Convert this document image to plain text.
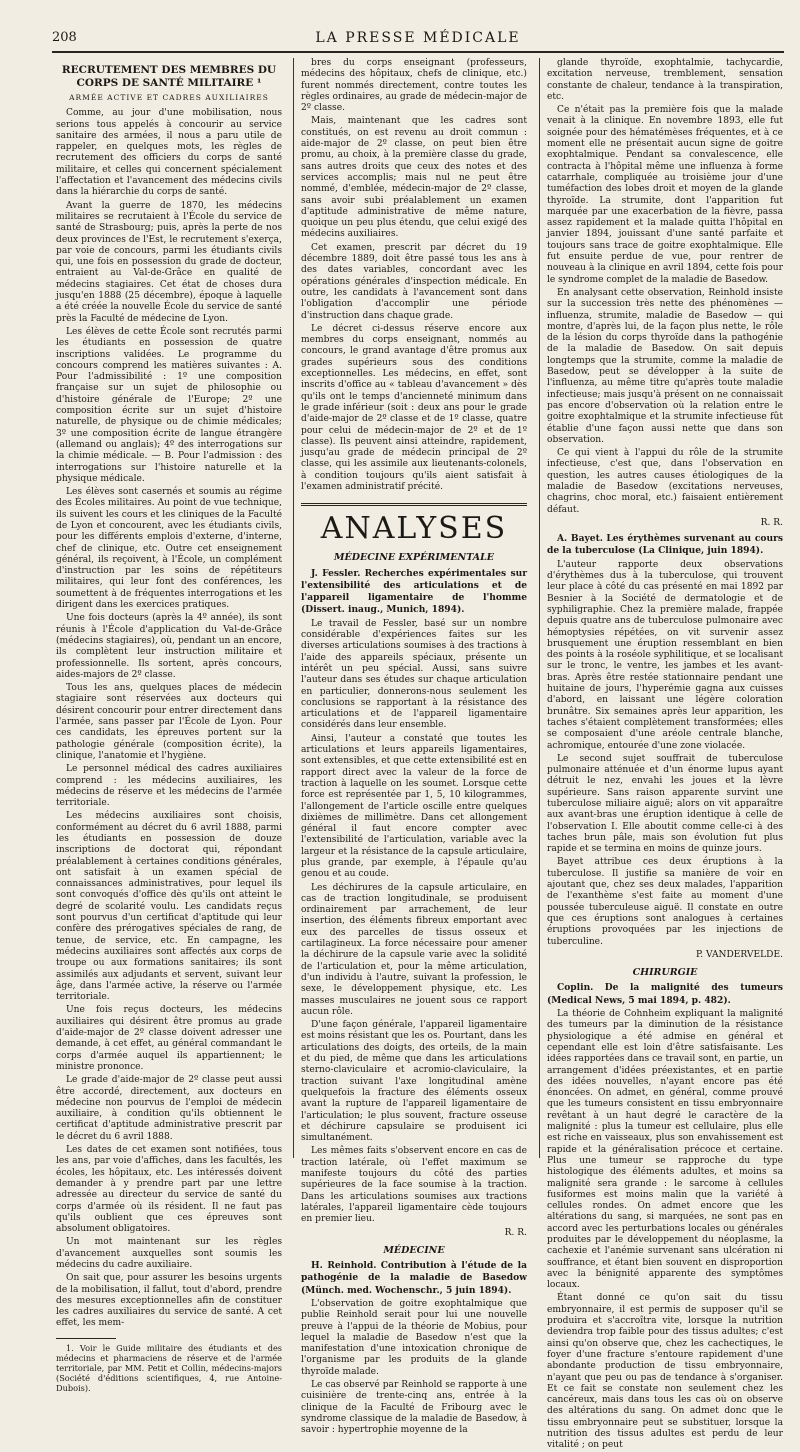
208	LA PRESSE MÉDICALE
RECRUTEMENT DES MEMBRES DU CORPS DE SANTÉ MILITAIRE ¹
ARMÉE ACTIVE ET CADRES AUXILIAIRES

Comme, au jour d'une mobilisation, nous serions tous appelés à concourir au service sanitaire des armées, il nous a paru utile de rappeler, en quelques mots, les règles de recrutement des officiers du corps de santé militaire, et celles qui concernent spécialement l'affectation et l'avancement des médecins civils dans la hiérarchie du corps de santé.

Avant la guerre de 1870, les médecins militaires se recrutaient à l'École du service de santé de Strasbourg; puis, après la perte de nos deux provinces de l'Est, le recrutement s'exerça, par voie de concours, parmi les étudiants civils qui, une fois en possession du grade de docteur, entraient au Val-de-Grâce en qualité de médecins stagiaires. Cet état de choses dura jusqu'en 1888 (25 décembre), époque à laquelle a été créée la nouvelle École du service de santé près la Faculté de médecine de Lyon.

Les élèves de cette École sont recrutés parmi les étudiants en possession de quatre inscriptions validées. Le programme du concours comprend les matières suivantes : A. Pour l'admissibilité : 1º une composition française sur un sujet de philosophie ou d'histoire générale de l'Europe; 2º une composition écrite sur un sujet d'histoire naturelle, de physique ou de chimie médicales; 3º une composition écrite de langue étrangère (allemand ou anglais); 4º des interrogations sur la chimie médicale. — B. Pour l'admission : des interrogations sur l'histoire naturelle et la physique médicale.

Les élèves sont casernés et soumis au régime des Écoles militaires. Au point de vue technique, ils suivent les cours et les cliniques de la Faculté de Lyon et concourent, avec les étudiants civils, pour les différents emplois d'externe, d'interne, chef de clinique, etc. Outre cet enseignement général, ils reçoivent, à l'École, un complément d'instruction par les soins de répétiteurs militaires, qui leur font des conférences, les soumettent à de fréquentes interrogations et les dirigent dans les exercices pratiques.

Une fois docteurs (après la 4º année), ils sont réunis à l'École d'application du Val-de-Grâce (médecins stagiaires), où, pendant un an encore, ils complètent leur instruction militaire et professionnelle. Ils sortent, après concours, aides-majors de 2º classe.

Tous les ans, quelques places de médecin stagiaire sont réservées aux docteurs qui désirent concourir pour entrer directement dans l'armée, sans passer par l'École de Lyon. Pour ces candidats, les épreuves portent sur la pathologie générale (composition écrite), la clinique, l'anatomie et l'hygiène.

Le personnel médical des cadres auxiliaires comprend : les médecins auxiliaires, les médecins de réserve et les médecins de l'armée territoriale.

Les médecins auxiliaires sont choisis, conformément au décret du 6 avril 1888, parmi les étudiants en possession de douze inscriptions de doctorat qui, répondant préalablement à certaines conditions générales, ont satisfait à un examen spécial de connaissances administratives, pour lequel ils sont convoqués d'office dès qu'ils ont atteint le degré de scolarité voulu. Les candidats reçus sont pourvus d'un certificat d'aptitude qui leur confère des prérogatives spéciales de rang, de tenue, de service, etc. En campagne, les médecins auxiliaires sont affectés aux corps de troupe ou aux formations sanitaires; ils sont assimilés aux adjudants et servent, suivant leur âge, dans l'armée active, la réserve ou l'armée territoriale.

Une fois reçus docteurs, les médecins auxiliaires qui désirent être promus au grade d'aide-major de 2º classe doivent adresser une demande, à cet effet, au général commandant le corps d'armée auquel ils appartiennent; le ministre prononce.

Le grade d'aide-major de 2º classe peut aussi être accordé, directement, aux docteurs en médecine non pourvus de l'emploi de médecin auxiliaire, à condition qu'ils obtiennent le certificat d'aptitude administrative prescrit par le décret du 6 avril 1888.

Les dates de cet examen sont notifiées, tous les ans, par voie d'affiches, dans les facultés, les écoles, les hôpitaux, etc. Les intéressés doivent demander à y prendre part par une lettre adressée au directeur du service de santé du corps d'armée où ils résident. Il ne faut pas qu'ils oublient que ces épreuves sont absolument obligatoires.

Un mot maintenant sur les règles d'avancement auxquelles sont soumis les médecins du cadre auxiliaire.

On sait que, pour assurer les besoins urgents de la mobilisation, il fallut, tout d'abord, prendre des mesures exceptionnelles afin de constituer les cadres auxiliaires du service de santé. A cet effet, les mem-

1. Voir le Guide militaire des étudiants et des médecins et pharmaciens de réserve et de l'armée territoriale, par MM. Petit et Collin, médecins-majors (Société d'éditions scientifiques, 4, rue Antoine-Dubois).

bres du corps enseignant (professeurs, médecins des hôpitaux, chefs de clinique, etc.) furent nommés directement, contre toutes les règles ordinaires, au grade de médecin-major de 2º classe.

Mais, maintenant que les cadres sont constitués, on est revenu au droit commun : aide-major de 2º classe, on peut bien être promu, au choix, à la première classe du grade, sans autres droits que ceux des notes et des services accomplis; mais nul ne peut être nommé, d'emblée, médecin-major de 2º classe, sans avoir subi préalablement un examen d'aptitude administrative de même nature, quoique un peu plus étendu, que celui exigé des médecins auxiliaires.

Cet examen, prescrit par décret du 19 décembre 1889, doit être passé tous les ans à des dates variables, concordant avec les opérations générales d'inspection médicale. En outre, les candidats à l'avancement sont dans l'obligation d'accomplir une période d'instruction dans chaque grade.

Le décret ci-dessus réserve encore aux membres du corps enseignant, nommés au concours, le grand avantage d'être promus aux grades supérieurs sous des conditions exceptionnelles. Les médecins, en effet, sont inscrits d'office au « tableau d'avancement » dès qu'ils ont le temps d'ancienneté minimum dans le grade inférieur (soit : deux ans pour le grade d'aide-major de 2º classe et de 1º classe, quatre pour celui de médecin-major de 2º et de 1º classe). Ils peuvent ainsi atteindre, rapidement, jusqu'au grade de médecin principal de 2º classe, qui les assimile aux lieutenants-colonels, à condition toujours qu'ils aient satisfait à l'examen administratif précité.

ANALYSES
MÉDECINE EXPÉRIMENTALE

J. Fessler. Recherches expérimentales sur l'extensibilité des articulations et de l'appareil ligamentaire de l'homme (Dissert. inaug., Munich, 1894).

Le travail de Fessler, basé sur un nombre considérable d'expériences faites sur les diverses articulations soumises à des tractions à l'aide des appareils spéciaux, présente un intérêt un peu spécial. Aussi, sans suivre l'auteur dans ses études sur chaque articulation en particulier, donnerons-nous seulement les conclusions se rapportant à la résistance des articulations et de l'appareil ligamentaire considérés dans leur ensemble.

Ainsi, l'auteur a constaté que toutes les articulations et leurs appareils ligamentaires, sont extensibles, et que cette extensibilité est en rapport direct avec la valeur de la force de traction à laquelle on les soumet. Lorsque cette force est représentée par 1, 5, 10 kilogrammes, l'allongement de l'article oscille entre quelques dixièmes de millimètre. Dans cet allongement général il faut encore compter avec l'extensibilité de l'articulation, variable avec la largeur et la résistance de la capsule articulaire, plus grande, par exemple, à l'épaule qu'au genou et au coude.

Les déchirures de la capsule articulaire, en cas de traction longitudinale, se produisent ordinairement par arrachement, de leur insertion, des éléments fibreux emportant avec eux des parcelles de tissus osseux et cartilagineux. La force nécessaire pour amener la déchirure de la capsule varie avec la solidité de l'articulation et, pour la même articulation, d'un individu à l'autre, suivant la profession, le sexe, le développement physique, etc. Les masses musculaires ne jouent sous ce rapport aucun rôle.

D'une façon générale, l'appareil ligamentaire est moins résistant que les os. Pourtant, dans les articulations des doigts, des orteils, de la main et du pied, de même que dans les articulations sterno-claviculaire et acromio-claviculaire, la traction suivant l'axe longitudinal amène quelquefois la fracture des éléments osseux avant la rupture de l'appareil ligamentaire de l'articulation; le plus souvent, fracture osseuse et déchirure capsulaire se produisent ici simultanément.

Les mêmes faits s'observent encore en cas de traction latérale, où l'effet maximum se manifeste toujours du côté des parties supérieures de la face soumise à la traction. Dans les articulations soumises aux tractions latérales, l'appareil ligamentaire cède toujours en premier lieu.

R. R.
MÉDECINE

H. Reinhold. Contribution à l'étude de la pathogénie de la maladie de Basedow (Münch. med. Wochenschr., 5 juin 1894).

L'observation de goitre exophtalmique que publie Reinhold serait pour lui une nouvelle preuve à l'appui de la théorie de Mobius, pour lequel la maladie de Basedow n'est que la manifestation d'une intoxication chronique de l'organisme par les produits de la glande thyroïde malade.

Le cas observé par Reinhold se rapporte à une cuisinière de trente-cinq ans, entrée à la clinique de la Faculté de Fribourg avec le syndrome classique de la maladie de Basedow, à savoir : hypertrophie moyenne de la

glande thyroïde, exophtalmie, tachycardie, excitation nerveuse, tremblement, sensation constante de chaleur, tendance à la transpiration, etc.

Ce n'était pas la première fois que la malade venait à la clinique. En novembre 1893, elle fut soignée pour des hématémèses fréquentes, et à ce moment elle ne présentait aucun signe de goitre exophtalmique. Pendant sa convalescence, elle contracta à l'hôpital même une influenza à forme catarrhale, compliquée au troisième jour d'une tuméfaction des lobes droit et moyen de la glande thyroïde. La strumite, dont l'apparition fut marquée par une exacerbation de la fièvre, passa assez rapidement et la malade quitta l'hôpital en janvier 1894, jouissant d'une santé parfaite et toujours sans trace de goitre exophtalmique. Elle fut ensuite perdue de vue, pour rentrer de nouveau à la clinique en avril 1894, cette fois pour le syndrome complet de la maladie de Basedow.

En analysant cette observation, Reinhold insiste sur la succession très nette des phénomènes — influenza, strumite, maladie de Basedow — qui montre, d'après lui, de la façon plus nette, le rôle de la lésion du corps thyroïde dans la pathogénie de la maladie de Basedow. On sait depuis longtemps que la strumite, comme la maladie de Basedow, peut se développer à la suite de l'influenza, au même titre qu'après toute maladie infectieuse; mais jusqu'à présent on ne connaissait pas encore d'observation où la relation entre le goitre exophtalmique et la strumite infectieuse fût établie d'une façon aussi nette que dans son observation.

Ce qui vient à l'appui du rôle de la strumite infectieuse, c'est que, dans l'observation en question, les autres causes étiologiques de la maladie de Basedow (excitations nerveuses, chagrins, choc moral, etc.) faisaient entièrement défaut.

R. R.

A. Bayet. Les érythèmes survenant au cours de la tuberculose (La Clinique, juin 1894).

L'auteur rapporte deux observations d'érythèmes dus à la tuberculose, qui trouvent leur place à côté du cas présenté en mai 1892 par Besnier à la Société de dermatologie et de syphiligraphie. Chez la première malade, frappée depuis quatre ans de tuberculose pulmonaire avec hémoptysies répétées, on vit survenir assez brusquement une éruption ressemblant en bien des points à la roséole syphilitique, et se localisant sur le tronc, le ventre, les jambes et les avant-bras. Après être restée stationnaire pendant une huitaine de jours, l'hyperémie gagna aux cuisses d'abord, en laissant une légère coloration brunâtre. Six semaines après leur apparition, les taches s'étaient complètement transformées; elles se composaient d'une aréole centrale blanche, achromique, entourée d'une zone violacée.

Le second sujet souffrait de tuberculose pulmonaire atténuée et d'un énorme lupus ayant détruit le nez, envahi les joues et la lèvre supérieure. Sans raison apparente survint une tuberculose miliaire aiguë; alors on vit apparaître aux avant-bras une éruption identique à celle de l'observation I. Elle aboutit comme celle-ci à des taches brun pâle, mais son évolution fut plus rapide et se termina en moins de quinze jours.

Bayet attribue ces deux éruptions à la tuberculose. Il justifie sa manière de voir en ajoutant que, chez ses deux malades, l'apparition de l'exanthème s'est faite au moment d'une poussée tuberculeuse aiguë. Il constate en outre que ces éruptions sont analogues à certaines éruptions provoquées par les injections de tuberculine.

P. VANDERVELDE.
CHIRURGIE

Coplin. De la malignité des tumeurs (Medical News, 5 mai 1894, p. 482).

La théorie de Cohnheim expliquant la malignité des tumeurs par la diminution de la résistance physiologique a été admise en général et cependant elle est loin d'être satisfaisante. Les idées rapportées dans ce travail sont, en partie, un arrangement d'idées préexistantes, et en partie des idées nouvelles, n'ayant encore pas été énoncées. On admet, en général, comme prouvé que les tumeurs consistent en tissu embryonnaire revêtant à un haut degré le caractère de la malignité : plus la tumeur est cellulaire, plus elle est riche en vaisseaux, plus son envahissement est rapide et la généralisation précoce et certaine. Plus une tumeur se rapproche du type histologique des éléments adultes, et moins sa malignité sera grande : le sarcome à cellules fusiformes est moins malin que la variété à cellules rondes. On admet encore que les altérations du sang, si marquées, ne sont pas en accord avec les perturbations locales ou générales produites par le développement du néoplasme, la cachexie et l'anémie survenant sans ulcération ni souffrance, et étant bien souvent en disproportion avec la bénignité apparente des symptômes locaux.

Étant donné ce qu'on sait du tissu embryonnaire, il est permis de supposer qu'il se produira et s'accroîtra vite, lorsque la nutrition deviendra trop faible pour des tissus adultes; c'est ainsi qu'on observe que, chez les cachectiques, le foyer d'une fracture s'entoure rapidement d'une abondante production de tissu embryonnaire, n'ayant que peu ou pas de tendance à s'organiser. Et ce fait se constate non seulement chez les cancéreux, mais dans tous les cas où on observe des altérations du sang. On admet donc que le tissu embryonnaire peut se substituer, lorsque la nutrition des tissus adultes est perdu de leur vitalité ; on peut
